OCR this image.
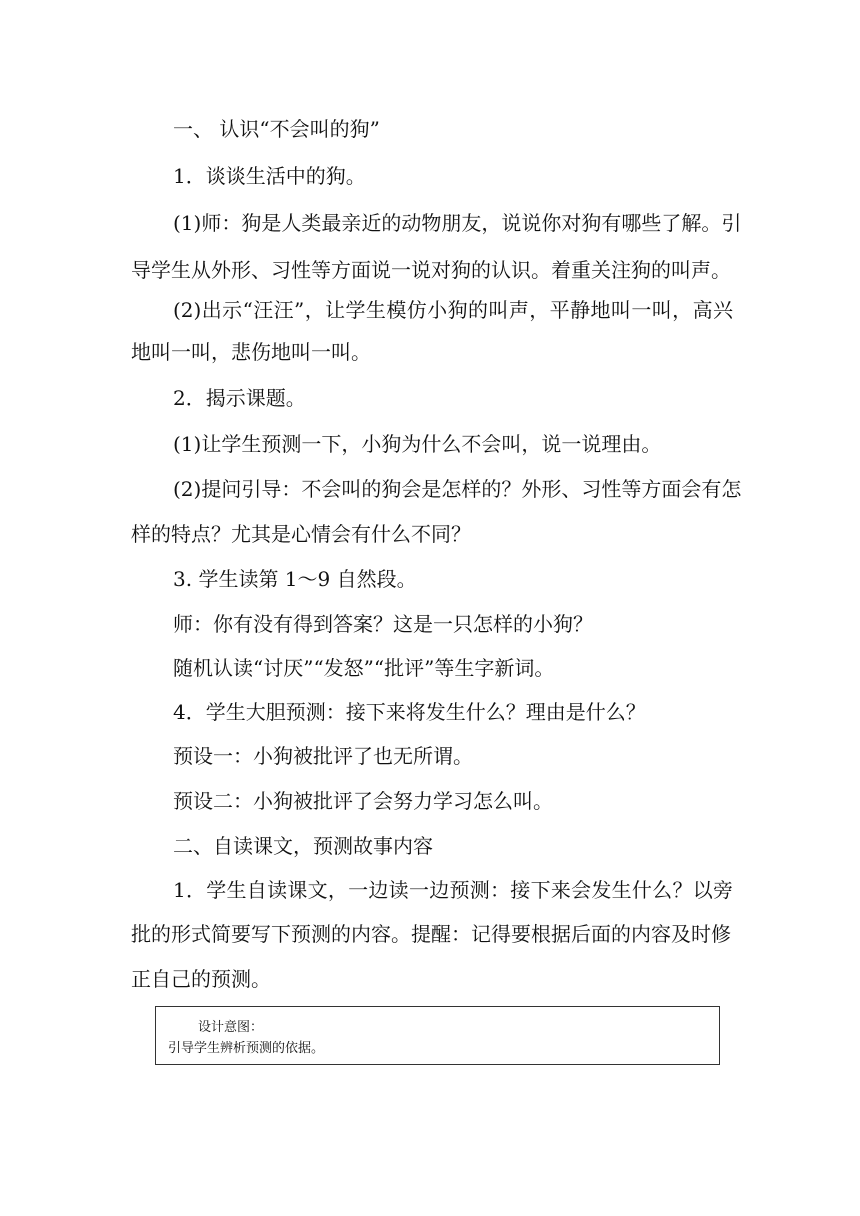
一、 认识“不会叫的狗”
1．谈谈生活中的狗。
(1)师：狗是人类最亲近的动物朋友，说说你对狗有哪些了解。引
导学生从外形、习性等方面说一说对狗的认识。着重关注狗的叫声。
(2)出示“汪汪”，让学生模仿小狗的叫声，平静地叫一叫，高兴
地叫一叫，悲伤地叫一叫。
2．揭示课题。
(1)让学生预测一下，小狗为什么不会叫，说一说理由。
(2)提问引导：不会叫的狗会是怎样的？外形、习性等方面会有怎
样的特点？尤其是心情会有什么不同？
3. 学生读第 1～9 自然段。
师：你有没有得到答案？这是一只怎样的小狗？
随机认读“讨厌”“发怒”“批评”等生字新词。
4．学生大胆预测：接下来将发生什么？理由是什么？
预设一：小狗被批评了也无所谓。
预设二：小狗被批评了会努力学习怎么叫。
二、自读课文，预测故事内容
1．学生自读课文，一边读一边预测：接下来会发生什么？以旁
批的形式简要写下预测的内容。提醒：记得要根据后面的内容及时修
正自己的预测。
设计意图：
引导学生辨析预测的依据。
